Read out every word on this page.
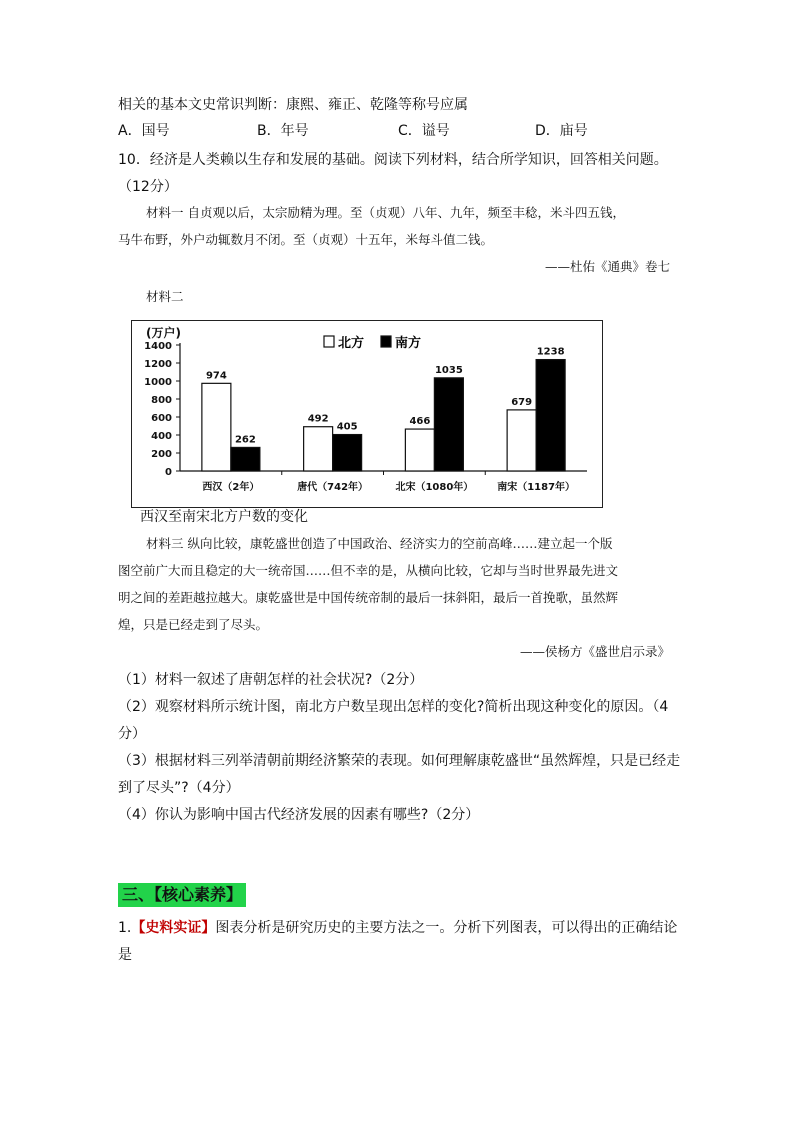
相关的基本文史常识判断：康熙、雍正、乾隆等称号应属
A．国号	B．年号	C．谥号	D．庙号
10．经济是人类赖以生存和发展的基础。阅读下列材料，结合所学知识，回答相关问题。
（12分）
材料一 自贞观以后，太宗励精为理。至（贞观）八年、九年，频至丰稔，米斗四五钱，
马牛布野，外户动辄数月不闭。至（贞观）十五年，米每斗值二钱。
——杜佑《通典》卷七
材料二
(万户)
0
200
400
600
800
1000
1200
1400	北方 南方
974
262
西汉（2年）
492
405
唐代（742年）
466
1035
北宋（1080年）
679
1238
南宋（1187年）
西汉至南宋北方户数的变化
材料三 纵向比较，康乾盛世创造了中国政治、经济实力的空前高峰……建立起一个版
图空前广大而且稳定的大一统帝国……但不幸的是，从横向比较，它却与当时世界最先进文
明之间的差距越拉越大。康乾盛世是中国传统帝制的最后一抹斜阳，最后一首挽歌，虽然辉
煌，只是已经走到了尽头。
——侯杨方《盛世启示录》
（1）材料一叙述了唐朝怎样的社会状况?（2分）
（2）观察材料所示统计图，南北方户数呈现出怎样的变化?简析出现这种变化的原因。（4
分）
（3）根据材料三列举清朝前期经济繁荣的表现。如何理解康乾盛世“虽然辉煌，只是已经走
到了尽头”?（4分）
（4）你认为影响中国古代经济发展的因素有哪些?（2分）
三、【核心素养】
1.【史料实证】图表分析是研究历史的主要方法之一。分析下列图表，可以得出的正确结论
是
